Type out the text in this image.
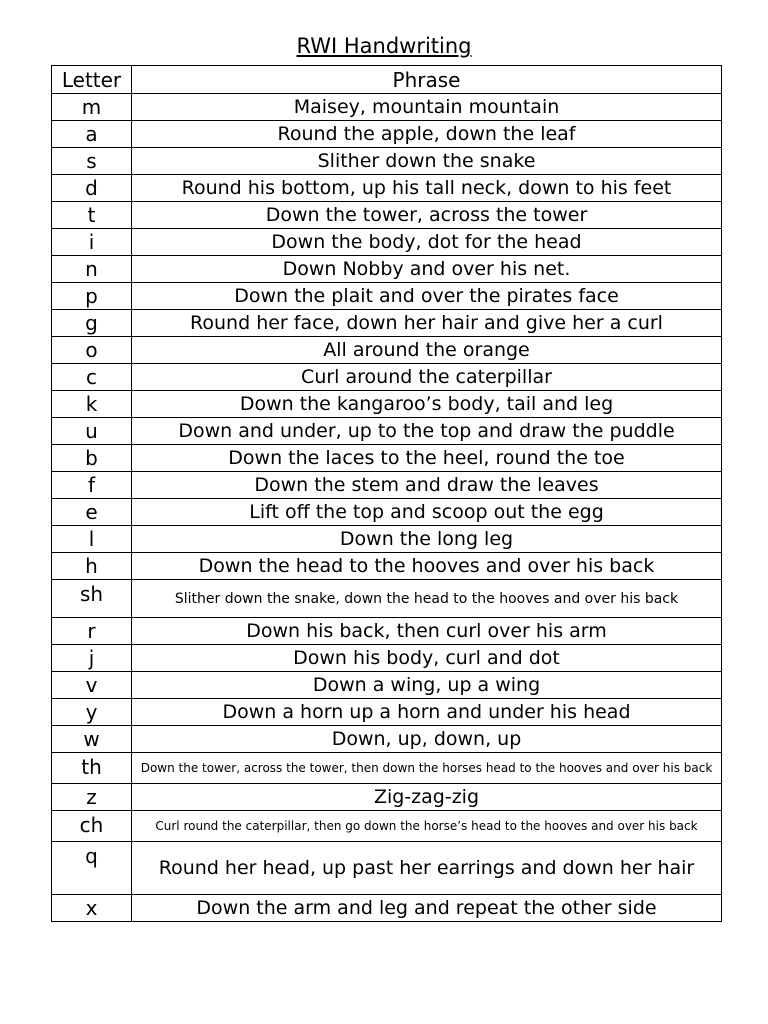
RWI Handwriting
Letter	Phrase
m	Maisey, mountain mountain
a	Round the apple, down the leaf
s	Slither down the snake
d	Round his bottom, up his tall neck, down to his feet
t	Down the tower, across the tower
i	Down the body, dot for the head
n	Down Nobby and over his net.
p	Down the plait and over the pirates face
g	Round her face, down her hair and give her a curl
o	All around the orange
c	Curl around the caterpillar
k	Down the kangaroo’s body, tail and leg
u	Down and under, up to the top and draw the puddle
b	Down the laces to the heel, round the toe
f	Down the stem and draw the leaves
e	Lift off the top and scoop out the egg
l	Down the long leg
h	Down the head to the hooves and over his back
sh	Slither down the snake, down the head to the hooves and over his back
r	Down his back, then curl over his arm
j	Down his body, curl and dot
v	Down a wing, up a wing
y	Down a horn up a horn and under his head
w	Down, up, down, up
th	Down the tower, across the tower, then down the horses head to the hooves and over his back
z	Zig-zag-zig
ch	Curl round the caterpillar, then go down the horse’s head to the hooves and over his back
q	Round her head, up past her earrings and down her hair
x	Down the arm and leg and repeat the other side
